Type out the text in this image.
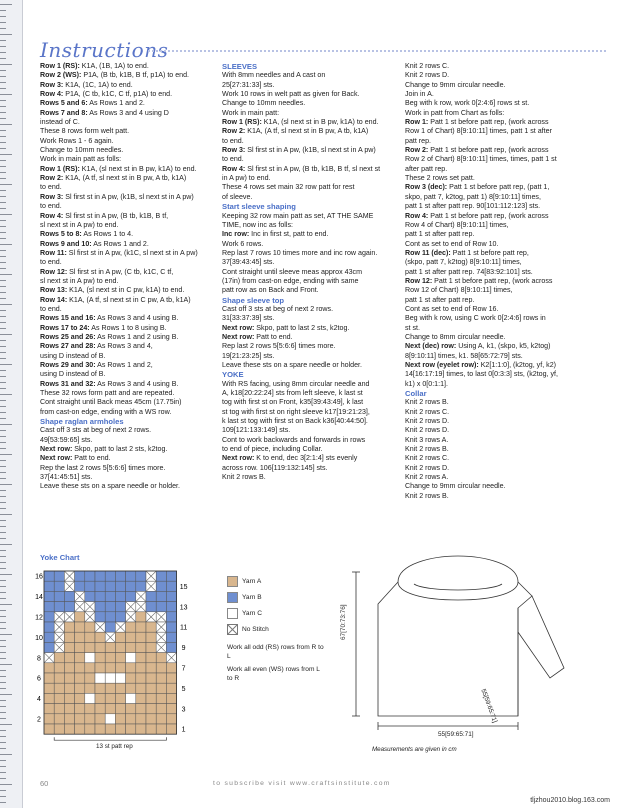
Instructions

Row 1 (RS): K1A, (1B, 1A) to end.

Row 2 (WS): P1A, (B tb, k1B, B tf, p1A) to end.

Row 3: K1A, (1C, 1A) to end.

Row 4: P1A, (C tb, k1C, C tf, p1A) to end.

Rows 5 and 6: As Rows 1 and 2.

Rows 7 and 8: As Rows 3 and 4 using D

instead of C.

These 8 rows form welt patt.

Work Rows 1 - 6 again.

Change to 10mm needles.

Work in main patt as folls:

Row 1 (RS): K1A, (sl next st in B pw, k1A) to end.

Row 2: K1A, (A tf, sl next st in B pw, A tb, k1A)

to end.

Row 3: Sl first st in A pw, (k1B, sl next st in A pw)

to end.

Row 4: Sl first st in A pw, (B tb, k1B, B tf,

sl next st in A pw) to end.

Rows 5 to 8: As Rows 1 to 4.

Rows 9 and 10: As Rows 1 and 2.

Row 11: Sl first st in A pw, (k1C, sl next st in A pw)

to end.

Row 12: Sl first st in A pw, (C tb, k1C, C tf,

sl next st in A pw) to end.

Row 13: K1A, (sl next st in C pw, k1A) to end.

Row 14: K1A, (A tf, sl next st in C pw, A tb, k1A)

to end.

Rows 15 and 16: As Rows 3 and 4 using B.

Rows 17 to 24: As Rows 1 to 8 using B.

Rows 25 and 26: As Rows 1 and 2 using B.

Rows 27 and 28: As Rows 3 and 4,

using D instead of B.

Rows 29 and 30: As Rows 1 and 2,

using D instead of B.

Rows 31 and 32: As Rows 3 and 4 using B.

These 32 rows form patt and are repeated.

Cont straight until Back meas 45cm (17.75in)

from cast-on edge, ending with a WS row.

Shape raglan armholes

Cast off 3 sts at beg of next 2 rows.

49[53:59:65] sts.

Next row: Skpo, patt to last 2 sts, k2tog.

Next row: Patt to end.

Rep the last 2 rows 5[5:6:6] times more.

37[41:45:51] sts.

Leave these sts on a spare needle or holder.

SLEEVES

With 8mm needles and A cast on

25[27:31:33] sts.

Work 10 rows in welt patt as given for Back.

Change to 10mm needles.

Work in main patt:

Row 1 (RS): K1A, (sl next st in B pw, k1A) to end.

Row 2: K1A, (A tf, sl next st in B pw, A tb, k1A)

to end.

Row 3: Sl first st in A pw, (k1B, sl next st in A pw)

to end.

Row 4: Sl first st in A pw, (B tb, k1B, B tf, sl next st

in A pw) to end.

These 4 rows set main 32 row patt for rest

of sleeve.

Start sleeve shaping

Keeping 32 row main patt as set, AT THE SAME

TIME, now inc as folls:

Inc row: Inc in first st, patt to end.

Work 6 rows.

Rep last 7 rows 10 times more and inc row again.

37[39:43:45] sts.

Cont straight until sleeve meas approx 43cm

(17in) from cast-on edge, ending with same

patt row as on Back and Front.

Shape sleeve top

Cast off 3 sts at beg of next 2 rows.

31[33:37:39] sts.

Next row: Skpo, patt to last 2 sts, k2tog.

Next row: Patt to end.

Rep last 2 rows 5[5:6:6] times more.

19[21:23:25] sts.

Leave these sts on a spare needle or holder.

YOKE

With RS facing, using 8mm circular needle and

A, k18[20:22:24] sts from left sleeve, k last st

tog with first st on Front, k35[39:43:49], k last

st tog with first st on right sleeve k17[19:21:23],

k last st tog with first st on Back k36[40:44:50].

109[121:133:149] sts.

Cont to work backwards and forwards in rows

to end of piece, including Collar.

Next row: K to end, dec 3[2:1:4] sts evenly

across row. 106[119:132:145] sts.

Knit 2 rows B.

Knit 2 rows C.

Knit 2 rows D.

Change to 9mm circular needle.

Join in A.

Beg with k row, work 0[2:4:6] rows st st.

Work in patt from Chart as folls:

Row 1: Patt 1 st before patt rep, (work across

Row 1 of Chart) 8[9:10:11] times, patt 1 st after

patt rep.

Row 2: Patt 1 st before patt rep, (work across

Row 2 of Chart) 8[9:10:11] times, times, patt 1 st

after patt rep.

These 2 rows set patt.

Row 3 (dec): Patt 1 st before patt rep, (patt 1,

skpo, patt 7, k2tog, patt 1) 8[9:10:11] times,

patt 1 st after patt rep. 90[101:112:123] sts.

Row 4: Patt 1 st before patt rep, (work across

Row 4 of Chart) 8[9:10:11] times,

patt 1 st after patt rep.

Cont as set to end of Row 10.

Row 11 (dec): Patt 1 st before patt rep,

(skpo, patt 7, k2tog) 8[9:10:11] times,

patt 1 st after patt rep. 74[83:92:101] sts.

Row 12: Patt 1 st before patt rep, (work across

Row 12 of Chart) 8[9:10:11] times,

patt 1 st after patt rep.

Cont as set to end of Row 16.

Beg with k row, using C work 0[2:4:6] rows in

st st.

Change to 8mm circular needle.

Next (dec) row: Using A, k1, (skpo, k5, k2tog)

8[9:10:11] times, k1. 58[65:72:79] sts.

Next row (eyelet row): K2[1:1:0], (k2tog, yf, k2)

14[16:17:19] times, to last 0[0:3:3] sts, (k2tog, yf,

k1) x 0[0:1:1].

Collar

Knit 2 rows B.

Knit 2 rows C.

Knit 2 rows D.

Knit 2 rows D.

Knit 3 rows A.

Knit 2 rows B.

Knit 2 rows C.

Knit 2 rows D.

Knit 2 rows A.

Change to 9mm circular needle.

Knit 2 rows B.

Yoke Chart
16
14
12
10
8
6
4
2
15
13
11
9
7
5
3
1
Yarn A
Yarn B
Yarn C
No Stitch
Work all odd (RS) rows from R to L
Work all even (WS) rows from L to R
13 st patt rep
67[70:73:76]
55[59:65:71]
55[59:65:71]
Measurements are given in cm
60	to subscribe visit www.craftsinstitute.com
tljzhou2010.blog.163.com
